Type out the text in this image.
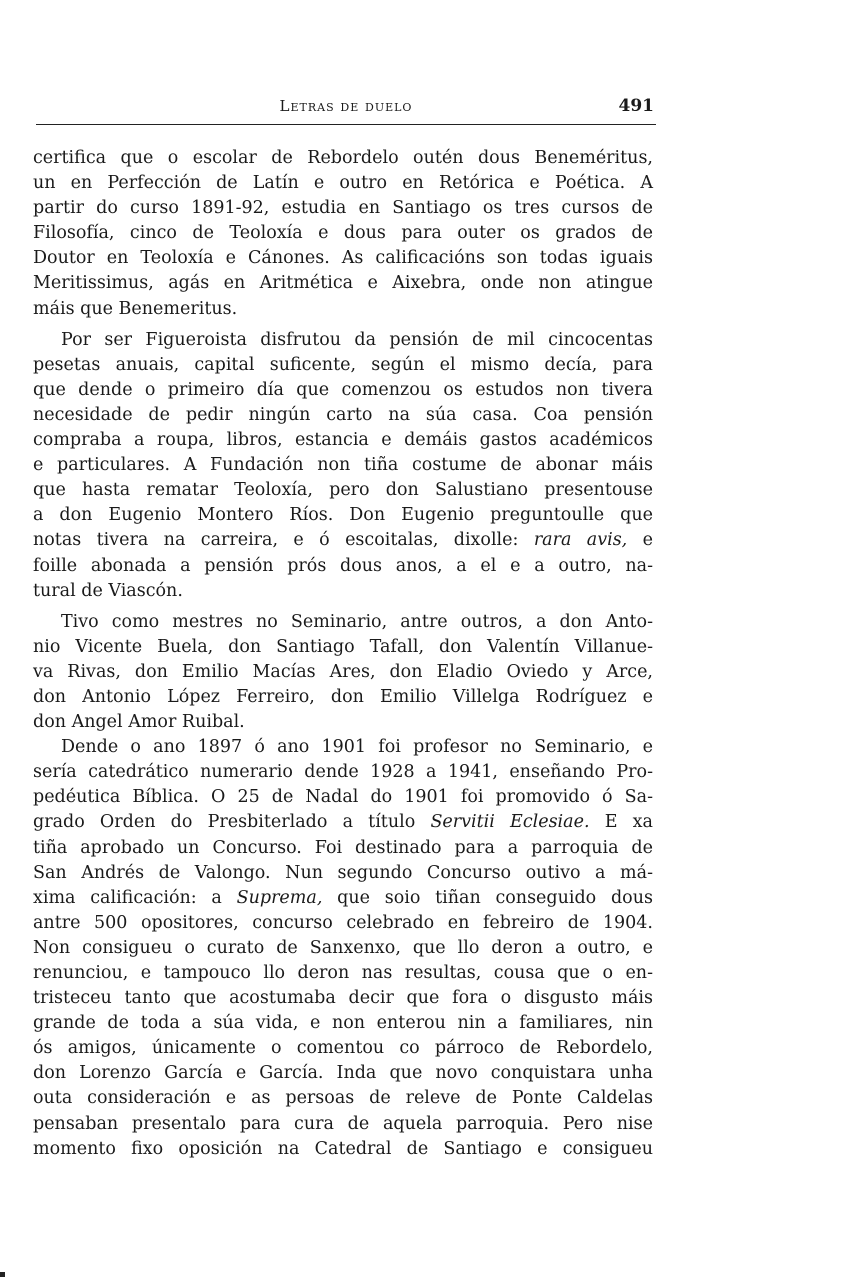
Letras de duelo	491
certifica que o escolar de Rebordelo outén dous Beneméritus,
un en Perfección de Latín e outro en Retórica e Poética. A
partir do curso 1891-92, estudia en Santiago os tres cursos de
Filosofía, cinco de Teoloxía e dous para outer os grados de
Doutor en Teoloxía e Cánones. As calificacións son todas iguais
Meritissimus, agás en Aritmética e Aixebra, onde non atingue
máis que Benemeritus.
Por ser Figueroista disfrutou da pensión de mil cincocentas
pesetas anuais, capital suficente, según el mismo decía, para
que dende o primeiro día que comenzou os estudos non tivera
necesidade de pedir ningún carto na súa casa. Coa pensión
compraba a roupa, libros, estancia e demáis gastos académicos
e particulares. A Fundación non tiña costume de abonar máis
que hasta rematar Teoloxía, pero don Salustiano presentouse
a don Eugenio Montero Ríos. Don Eugenio preguntoulle que
notas tivera na carreira, e ó escoitalas, dixolle: rara avis, e
foille abonada a pensión prós dous anos, a el e a outro, na-
tural de Viascón.
Tivo como mestres no Seminario, antre outros, a don Anto-
nio Vicente Buela, don Santiago Tafall, don Valentín Villanue-
va Rivas, don Emilio Macías Ares, don Eladio Oviedo y Arce,
don Antonio López Ferreiro, don Emilio Villelga Rodríguez e
don Angel Amor Ruibal.
Dende o ano 1897 ó ano 1901 foi profesor no Seminario, e
sería catedrático numerario dende 1928 a 1941, enseñando Pro-
pedéutica Bíblica. O 25 de Nadal do 1901 foi promovido ó Sa-
grado Orden do Presbiterlado a título Servitii Eclesiae. E xa
tiña aprobado un Concurso. Foi destinado para a parroquia de
San Andrés de Valongo. Nun segundo Concurso outivo a má-
xima calificación: a Suprema, que soio tiñan conseguido dous
antre 500 opositores, concurso celebrado en febreiro de 1904.
Non consigueu o curato de Sanxenxo, que llo deron a outro, e
renunciou, e tampouco llo deron nas resultas, cousa que o en-
tristeceu tanto que acostumaba decir que fora o disgusto máis
grande de toda a súa vida, e non enterou nin a familiares, nin
ós amigos, únicamente o comentou co párroco de Rebordelo,
don Lorenzo García e García. Inda que novo conquistara unha
outa consideración e as persoas de releve de Ponte Caldelas
pensaban presentalo para cura de aquela parroquia. Pero nise
momento fixo oposición na Catedral de Santiago e consigueu
